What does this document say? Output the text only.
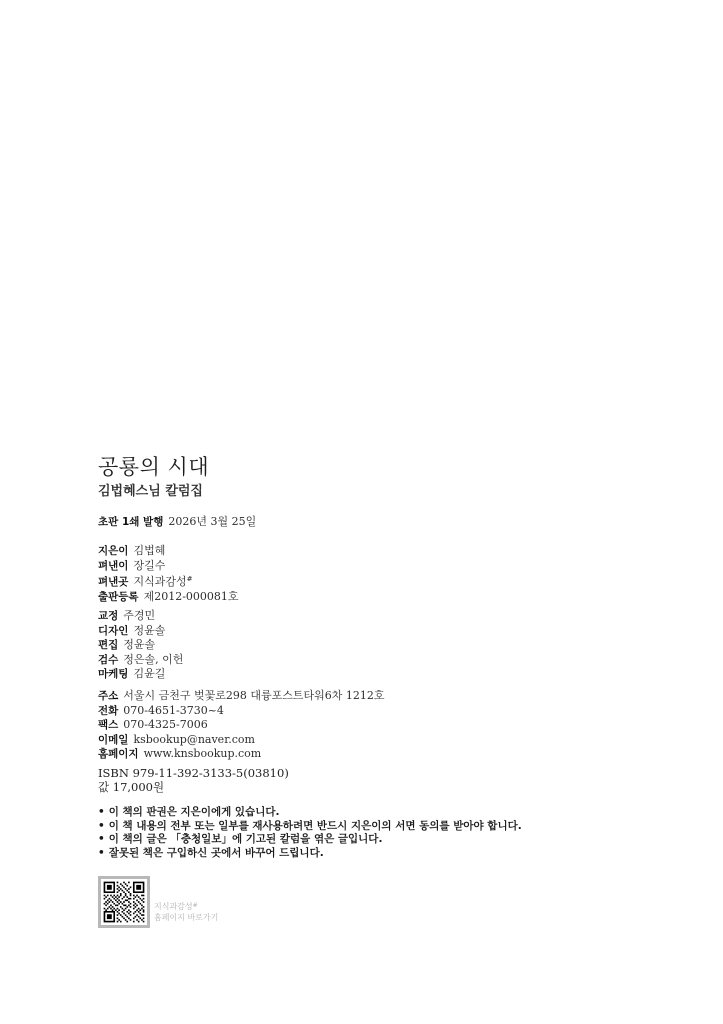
공룡의 시대
김법혜스님 칼럼집
초판 1쇄 발행 2026년 3월 25일
지은이 김법혜
펴낸이 장길수
펴낸곳 지식과감성#
출판등록 제2012-000081호
교정 주경민
디자인 정윤솔
편집 정윤솔
검수 정은솔, 이헌
마케팅 김윤길
주소 서울시 금천구 벚꽃로298 대륭포스트타워6차 1212호
전화 070-4651-3730~4
팩스 070-4325-7006
이메일 ksbookup@naver.com
홈페이지 www.knsbookup.com
ISBN 979-11-392-3133-5(03810)
값 17,000원
• 이 책의 판권은 지은이에게 있습니다.
• 이 책 내용의 전부 또는 일부를 재사용하려면 반드시 지은이의 서면 동의를 받아야 합니다.
• 이 책의 글은 「충청일보」에 기고된 칼럼을 엮은 글입니다.
• 잘못된 책은 구입하신 곳에서 바꾸어 드립니다.
지식과감성#
홈페이지 바로가기
